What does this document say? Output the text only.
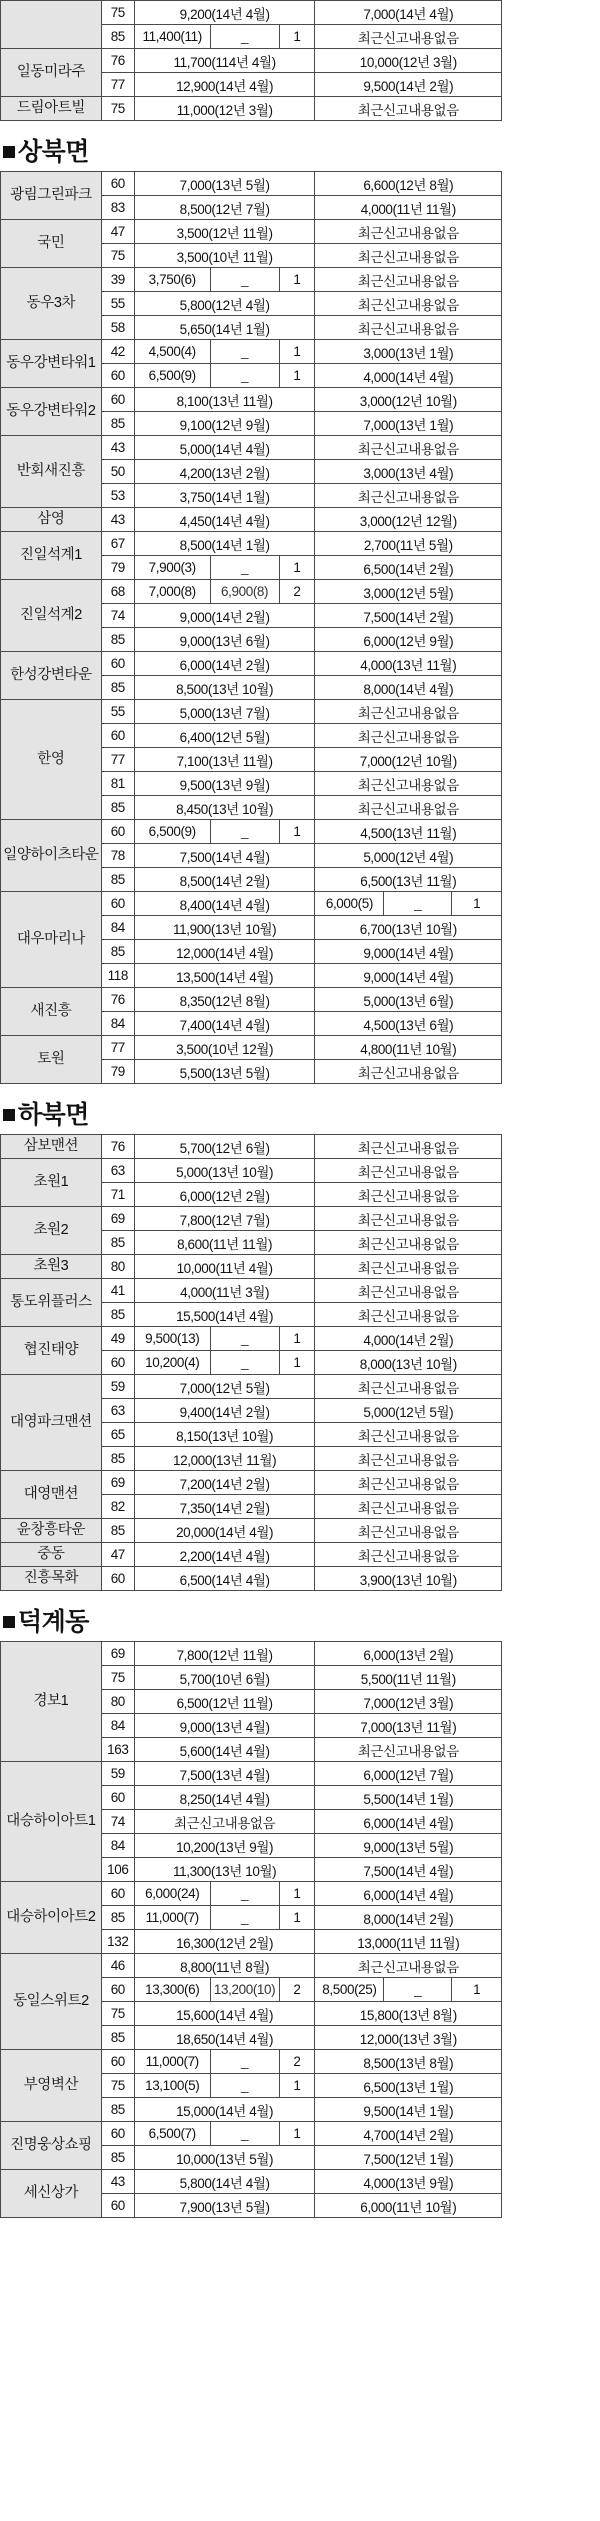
	75	9,200(14년 4월)			7,000(14년 4월)
	85	11,400(11)	_	1	최근신고내용없음
일동미라주	76	11,700(114년 4월)			10,000(12년 3월)
	77	12,900(14년 4월)			9,500(14년 2월)
드림아트빌	75	11,000(12년 3월)			최근신고내용없음
상북면
광림그린파크	60	7,000(13년 5월)			6,600(12년 8월)		
	83	8,500(12년 7월)			4,000(11년 11월)		
국민	47	3,500(12년 11월)			최근신고내용없음		
	75	3,500(10년 11월)			최근신고내용없음		
동우3차	39	3,750(6)	_	1	최근신고내용없음		
	55	5,800(12년 4월)			최근신고내용없음		
	58	5,650(14년 1월)			최근신고내용없음		
동우강변타워1	42	4,500(4)	_	1	3,000(13년 1월)		
	60	6,500(9)	_	1	4,000(14년 4월)		
동우강변타워2	60	8,100(13년 11월)			3,000(12년 10월)		
	85	9,100(12년 9월)			7,000(13년 1월)		
반회새진흥	43	5,000(14년 4월)			최근신고내용없음		
	50	4,200(13년 2월)			3,000(13년 4월)		
	53	3,750(14년 1월)			최근신고내용없음		
삼영	43	4,450(14년 4월)			3,000(12년 12월)		
진일석계1	67	8,500(14년 1월)			2,700(11년 5월)		
	79	7,900(3)	_	1	6,500(14년 2월)		
진일석계2	68	7,000(8)	6,900(8)	2	3,000(12년 5월)		
	74	9,000(14년 2월)			7,500(14년 2월)		
	85	9,000(13년 6월)			6,000(12년 9월)		
한성강변타운	60	6,000(14년 2월)			4,000(13년 11월)		
	85	8,500(13년 10월)			8,000(14년 4월)		
한영	55	5,000(13년 7월)			최근신고내용없음		
	60	6,400(12년 5월)			최근신고내용없음		
	77	7,100(13년 11월)			7,000(12년 10월)		
	81	9,500(13년 9월)			최근신고내용없음		
	85	8,450(13년 10월)			최근신고내용없음		
일양하이츠타운	60	6,500(9)	_	1	4,500(13년 11월)		
	78	7,500(14년 4월)			5,000(12년 4월)		
	85	8,500(14년 2월)			6,500(13년 11월)		
대우마리나	60	8,400(14년 4월)			6,000(5)	_	1
	84	11,900(13년 10월)			6,700(13년 10월)		
	85	12,000(14년 4월)			9,000(14년 4월)		
	118	13,500(14년 4월)			9,000(14년 4월)		
새진흥	76	8,350(12년 8월)			5,000(13년 6월)		
	84	7,400(14년 4월)			4,500(13년 6월)		
토원	77	3,500(10년 12월)			4,800(11년 10월)		
	79	5,500(13년 5월)			최근신고내용없음		
하북면
삼보맨션	76	5,700(12년 6월)			최근신고내용없음
초원1	63	5,000(13년 10월)			최근신고내용없음
	71	6,000(12년 2월)			최근신고내용없음
초원2	69	7,800(12년 7월)			최근신고내용없음
	85	8,600(11년 11월)			최근신고내용없음
초원3	80	10,000(11년 4월)			최근신고내용없음
통도위플러스	41	4,000(11년 3월)			최근신고내용없음
	85	15,500(14년 4월)			최근신고내용없음
협진태양	49	9,500(13)	_	1	4,000(14년 2월)
	60	10,200(4)	_	1	8,000(13년 10월)
대영파크맨션	59	7,000(12년 5월)			최근신고내용없음
	63	9,400(14년 2월)			5,000(12년 5월)
	65	8,150(13년 10월)			최근신고내용없음
	85	12,000(13년 11월)			최근신고내용없음
대영맨션	69	7,200(14년 2월)			최근신고내용없음
	82	7,350(14년 2월)			최근신고내용없음
윤창흥타운	85	20,000(14년 4월)			최근신고내용없음
중동	47	2,200(14년 4월)			최근신고내용없음
진흥목화	60	6,500(14년 4월)			3,900(13년 10월)
덕계동
경보1	69	7,800(12년 11월)			6,000(13년 2월)		
	75	5,700(10년 6월)			5,500(11년 11월)		
	80	6,500(12년 11월)			7,000(12년 3월)		
	84	9,000(13년 4월)			7,000(13년 11월)		
	163	5,600(14년 4월)			최근신고내용없음		
대승하이아트1	59	7,500(13년 4월)			6,000(12년 7월)		
	60	8,250(14년 4월)			5,500(14년 1월)		
	74	최근신고내용없음			6,000(14년 4월)		
	84	10,200(13년 9월)			9,000(13년 5월)		
	106	11,300(13년 10월)			7,500(14년 4월)		
대승하이아트2	60	6,000(24)	_	1	6,000(14년 4월)		
	85	11,000(7)	_	1	8,000(14년 2월)		
	132	16,300(12년 2월)			13,000(11년 11월)		
동일스위트2	46	8,800(11년 8월)			최근신고내용없음		
	60	13,300(6)	13,200(10)	2	8,500(25)	_	1
	75	15,600(14년 4월)			15,800(13년 8월)		
	85	18,650(14년 4월)			12,000(13년 3월)		
부영벽산	60	11,000(7)	_	2	8,500(13년 8월)		
	75	13,100(5)	_	1	6,500(13년 1월)		
	85	15,000(14년 4월)			9,500(14년 1월)		
진명웅상쇼핑	60	6,500(7)	_	1	4,700(14년 2월)		
	85	10,000(13년 5월)			7,500(12년 1월)		
세신상가	43	5,800(14년 4월)			4,000(13년 9월)		
	60	7,900(13년 5월)			6,000(11년 10월)		
